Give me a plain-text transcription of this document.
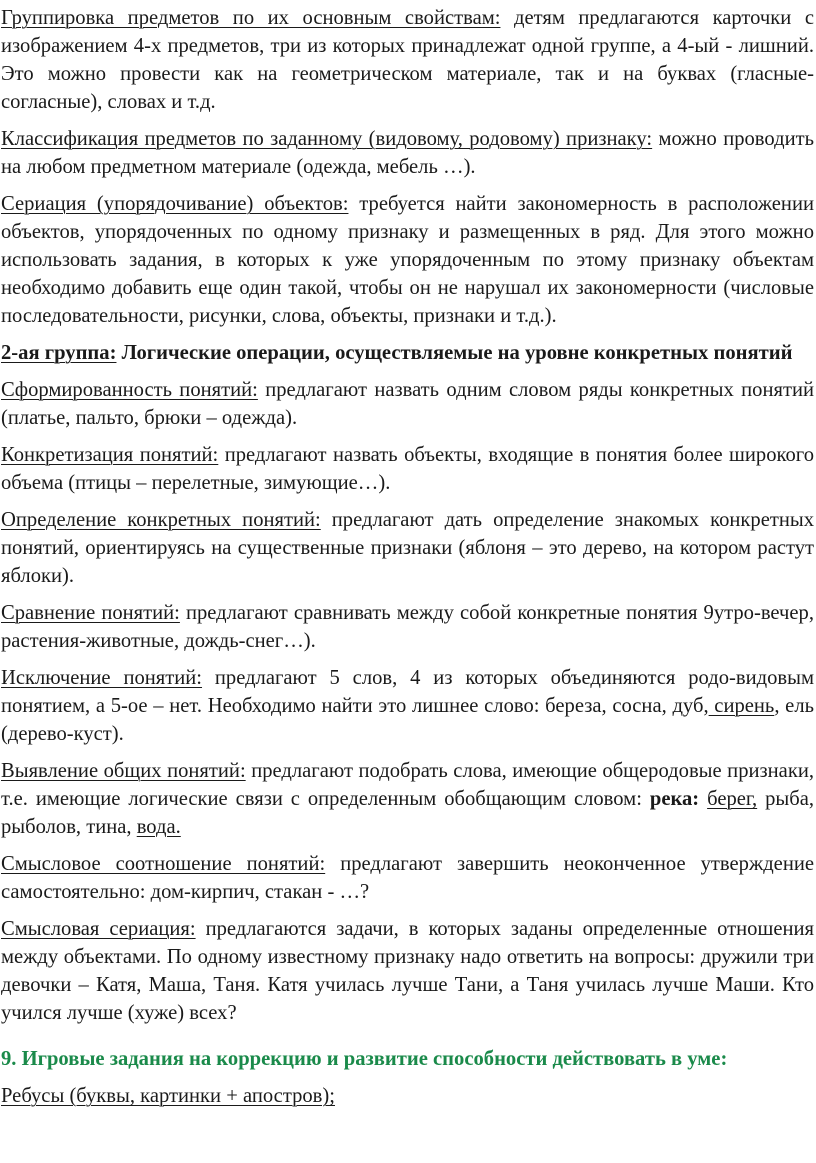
Группировка предметов по их основным свойствам: детям предлагаются карточки с изображением 4-х предметов, три из которых принадлежат одной группе, а 4-ый - лишний. Это можно провести как на геометрическом материале, так и на буквах (гласные-согласные), словах и т.д.

Классификация предметов по заданному (видовому, родовому) признаку: можно проводить на любом предметном материале (одежда, мебель …).

Сериация (упорядочивание) объектов: требуется найти закономерность в расположении объектов, упорядоченных по одному признаку и размещенных в ряд. Для этого можно использовать задания, в которых к уже упорядоченным по этому признаку объектам необходимо добавить еще один такой, чтобы он не нарушал их закономерности (числовые последовательности, рисунки, слова, объекты, признаки и т.д.).

2-ая группа: Логические операции, осуществляемые на уровне конкретных понятий

Сформированность понятий: предлагают назвать одним словом ряды конкретных понятий (платье, пальто, брюки – одежда).

Конкретизация понятий: предлагают назвать объекты, входящие в понятия более широкого объема (птицы – перелетные, зимующие…).

Определение конкретных понятий: предлагают дать определение знакомых конкретных понятий, ориентируясь на существенные признаки (яблоня – это дерево, на котором растут яблоки).

Сравнение понятий: предлагают сравнивать между собой конкретные понятия 9утро-вечер, растения-животные, дождь-снег…).

Исключение понятий: предлагают 5 слов, 4 из которых объединяются родо-видовым понятием, а 5-ое – нет. Необходимо найти это лишнее слово: береза, сосна, дуб, сирень, ель (дерево-куст).

Выявление общих понятий: предлагают подобрать слова, имеющие общеродовые признаки, т.е. имеющие логические связи с определенным обобщающим словом: река: берег, рыба, рыболов, тина, вода.

Смысловое соотношение понятий: предлагают завершить неоконченное утверждение самостоятельно: дом-кирпич, стакан - …?

Смысловая сериация: предлагаются задачи, в которых заданы определенные отношения между объектами. По одному известному признаку надо ответить на вопросы: дружили три девочки – Катя, Маша, Таня. Катя училась лучше Тани, а Таня училась лучше Маши. Кто учился лучше (хуже) всех?

9. Игровые задания на коррекцию и развитие способности действовать в уме:

Ребусы (буквы, картинки + апостров);
